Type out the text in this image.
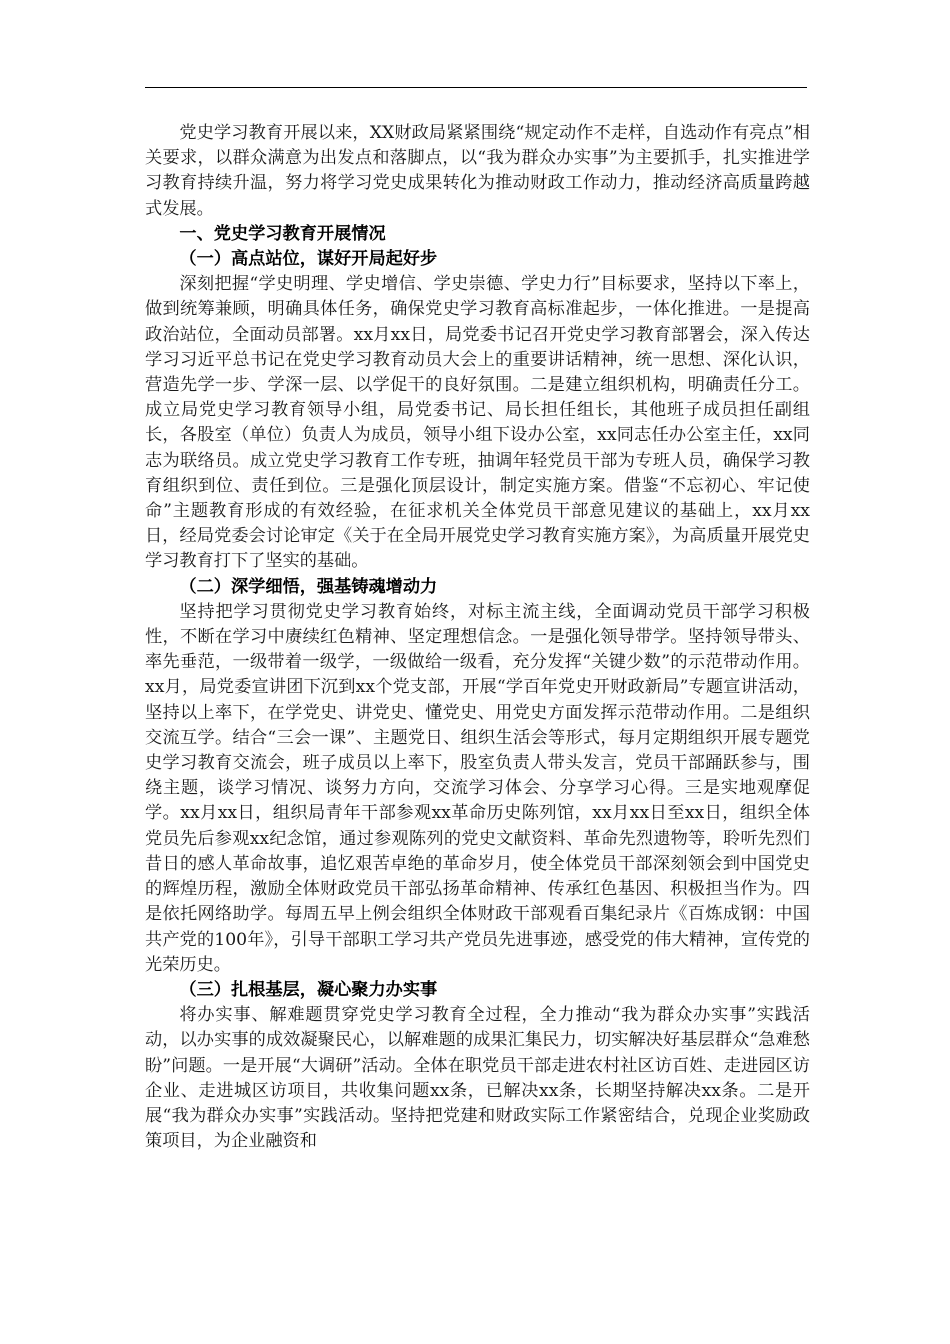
党史学习教育开展以来，XX财政局紧紧围绕“规定动作不走样，自选动作有亮点”相关要求，以群众满意为出发点和落脚点，以“我为群众办实事”为主要抓手，扎实推进学习教育持续升温，努力将学习党史成果转化为推动财政工作动力，推动经济高质量跨越式发展。

一、党史学习教育开展情况
（一）高点站位，谋好开局起好步

深刻把握“学史明理、学史增信、学史崇德、学史力行”目标要求，坚持以下率上，做到统筹兼顾，明确具体任务，确保党史学习教育高标准起步，一体化推进。一是提高政治站位，全面动员部署。xx月xx日，局党委书记召开党史学习教育部署会，深入传达学习习近平总书记在党史学习教育动员大会上的重要讲话精神，统一思想、深化认识，营造先学一步、学深一层、以学促干的良好氛围。二是建立组织机构，明确责任分工。成立局党史学习教育领导小组，局党委书记、局长担任组长，其他班子成员担任副组长，各股室（单位）负责人为成员，领导小组下设办公室，xx同志任办公室主任，xx同志为联络员。成立党史学习教育工作专班，抽调年轻党员干部为专班人员，确保学习教育组织到位、责任到位。三是强化顶层设计，制定实施方案。借鉴“不忘初心、牢记使命”主题教育形成的有效经验，在征求机关全体党员干部意见建议的基础上，xx月xx日，经局党委会讨论审定《关于在全局开展党史学习教育实施方案》，为高质量开展党史学习教育打下了坚实的基础。

（二）深学细悟，强基铸魂增动力

坚持把学习贯彻党史学习教育始终，对标主流主线，全面调动党员干部学习积极性，不断在学习中赓续红色精神、坚定理想信念。一是强化领导带学。坚持领导带头、率先垂范，一级带着一级学，一级做给一级看，充分发挥“关键少数”的示范带动作用。xx月，局党委宣讲团下沉到xx个党支部，开展“学百年党史开财政新局”专题宣讲活动，坚持以上率下，在学党史、讲党史、懂党史、用党史方面发挥示范带动作用。二是组织交流互学。结合“三会一课”、主题党日、组织生活会等形式，每月定期组织开展专题党史学习教育交流会，班子成员以上率下，股室负责人带头发言，党员干部踊跃参与，围绕主题，谈学习情况、谈努力方向，交流学习体会、分享学习心得。三是实地观摩促学。xx月xx日，组织局青年干部参观xx革命历史陈列馆，xx月xx日至xx日，组织全体党员先后参观xx纪念馆，通过参观陈列的党史文献资料、革命先烈遗物等，聆听先烈们昔日的感人革命故事，追忆艰苦卓绝的革命岁月，使全体党员干部深刻领会到中国党史的辉煌历程，激励全体财政党员干部弘扬革命精神、传承红色基因、积极担当作为。四是依托网络助学。每周五早上例会组织全体财政干部观看百集纪录片《百炼成钢：中国共产党的100年》，引导干部职工学习共产党员先进事迹，感受党的伟大精神，宣传党的光荣历史。

（三）扎根基层，凝心聚力办实事

将办实事、解难题贯穿党史学习教育全过程，全力推动“我为群众办实事”实践活动，以办实事的成效凝聚民心，以解难题的成果汇集民力，切实解决好基层群众“急难愁盼”问题。一是开展“大调研”活动。全体在职党员干部走进农村社区访百姓、走进园区访企业、走进城区访项目，共收集问题xx条，已解决xx条，长期坚持解决xx条。二是开展“我为群众办实事”实践活动。坚持把党建和财政实际工作紧密结合，兑现企业奖励政策项目，为企业融资和
